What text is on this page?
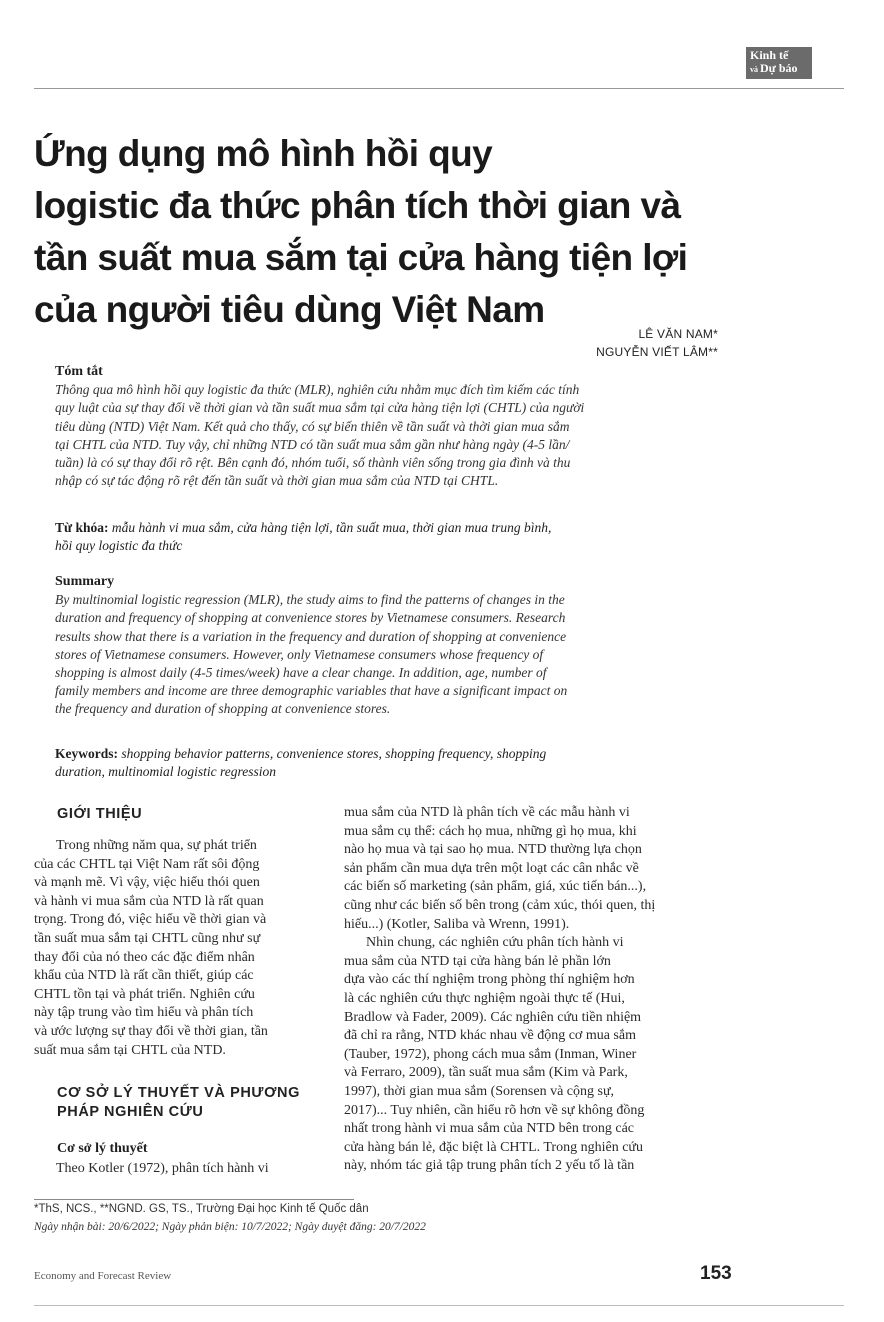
Kinh tế
và Dự báo
Ứng dụng mô hình hồi quy
logistic đa thức phân tích thời gian và
tần suất mua sắm tại cửa hàng tiện lợi
của người tiêu dùng Việt Nam
LÊ VĂN NAM*
NGUYỄN VIẾT LÂM**
Tóm tắt
Thông qua mô hình hồi quy logistic đa thức (MLR), nghiên cứu nhằm mục đích tìm kiếm các tính
quy luật của sự thay đổi về thời gian và tần suất mua sắm tại cửa hàng tiện lợi (CHTL) của người
tiêu dùng (NTD) Việt Nam. Kết quả cho thấy, có sự biến thiên về tần suất và thời gian mua sắm
tại CHTL của NTD. Tuy vậy, chỉ những NTD có tần suất mua sắm gần như hàng ngày (4-5 lần/
tuần) là có sự thay đổi rõ rệt. Bên cạnh đó, nhóm tuổi, số thành viên sống trong gia đình và thu
nhập có sự tác động rõ rệt đến tần suất và thời gian mua sắm của NTD tại CHTL.
Từ khóa: mẫu hành vi mua sắm, cửa hàng tiện lợi, tần suất mua, thời gian mua trung bình,
hồi quy logistic đa thức
Summary
By multinomial logistic regression (MLR), the study aims to find the patterns of changes in the
duration and frequency of shopping at convenience stores by Vietnamese consumers. Research
results show that there is a variation in the frequency and duration of shopping at convenience
stores of Vietnamese consumers. However, only Vietnamese consumers whose frequency of
shopping is almost daily (4-5 times/week) have a clear change. In addition, age, number of
family members and income are three demographic variables that have a significant impact on
the frequency and duration of shopping at convenience stores.
Keywords: shopping behavior patterns, convenience stores, shopping frequency, shopping
duration, multinomial logistic regression
GIỚI THIỆU
Trong những năm qua, sự phát triển
của các CHTL tại Việt Nam rất sôi động
và mạnh mẽ. Vì vậy, việc hiểu thói quen
và hành vi mua sắm của NTD là rất quan
trọng. Trong đó, việc hiểu về thời gian và
tần suất mua sắm tại CHTL cũng như sự
thay đổi của nó theo các đặc điểm nhân
khẩu của NTD là rất cần thiết, giúp các
CHTL tồn tại và phát triển. Nghiên cứu
này tập trung vào tìm hiểu và phân tích
và ước lượng sự thay đổi về thời gian, tần
suất mua sắm tại CHTL của NTD.
CƠ SỞ LÝ THUYẾT VÀ PHƯƠNG
PHÁP NGHIÊN CỨU
Cơ sở lý thuyết
Theo Kotler (1972), phân tích hành vi
mua sắm của NTD là phân tích về các mẫu hành vi
mua sắm cụ thể: cách họ mua, những gì họ mua, khi
nào họ mua và tại sao họ mua. NTD thường lựa chọn
sản phẩm cần mua dựa trên một loạt các cân nhắc về
các biến số marketing (sản phẩm, giá, xúc tiến bán...),
cũng như các biến số bên trong (cảm xúc, thói quen, thị
hiếu...) (Kotler, Saliba và Wrenn, 1991).
Nhìn chung, các nghiên cứu phân tích hành vi
mua sắm của NTD tại cửa hàng bán lẻ phần lớn
dựa vào các thí nghiệm trong phòng thí nghiệm hơn
là các nghiên cứu thực nghiệm ngoài thực tế (Hui,
Bradlow và Fader, 2009). Các nghiên cứu tiền nhiệm
đã chỉ ra rằng, NTD khác nhau về động cơ mua sắm
(Tauber, 1972), phong cách mua sắm (Inman, Winer
và Ferraro, 2009), tần suất mua sắm (Kim và Park,
1997), thời gian mua sắm (Sorensen và cộng sự,
2017)... Tuy nhiên, cần hiểu rõ hơn về sự không đồng
nhất trong hành vi mua sắm của NTD bên trong các
cửa hàng bán lẻ, đặc biệt là CHTL. Trong nghiên cứu
này, nhóm tác giả tập trung phân tích 2 yếu tố là tần
*ThS, NCS., **NGND. GS, TS., Trường Đại học Kinh tế Quốc dân
Ngày nhận bài: 20/6/2022; Ngày phản biện: 10/7/2022; Ngày duyệt đăng: 20/7/2022
Economy and Forecast Review	153
